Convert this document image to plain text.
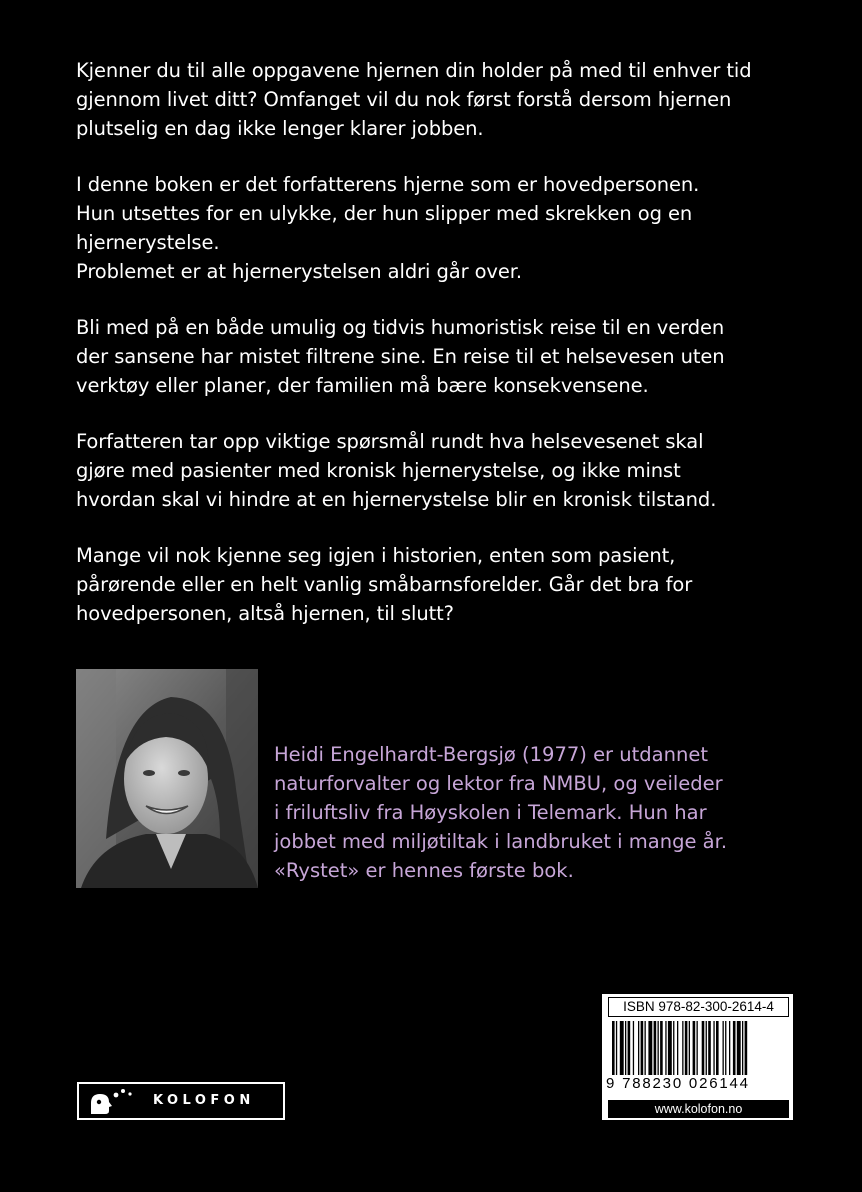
Kjenner du til alle oppgavene hjernen din holder på med til enhver tid
gjennom livet ditt? Omfanget vil du nok først forstå dersom hjernen
plutselig en dag ikke lenger klarer jobben.

I denne boken er det forfatterens hjerne som er hovedpersonen.
Hun utsettes for en ulykke, der hun slipper med skrekken og en
hjernerystelse.
Problemet er at hjernerystelsen aldri går over.

Bli med på en både umulig og tidvis humoristisk reise til en verden
der sansene har mistet filtrene sine. En reise til et helsevesen uten
verktøy eller planer, der familien må bære konsekvensene.

Forfatteren tar opp viktige spørsmål rundt hva helsevesenet skal
gjøre med pasienter med kronisk hjernerystelse, og ikke minst
hvordan skal vi hindre at en hjernerystelse blir en kronisk tilstand.

Mange vil nok kjenne seg igjen i historien, enten som pasient,
pårørende eller en helt vanlig småbarnsforelder. Går det bra for
hovedpersonen, altså hjernen, til slutt?

Heidi Engelhardt-Bergsjø (1977) er utdannet
naturforvalter og lektor fra NMBU, og veileder
i friluftsliv fra Høyskolen i Telemark. Hun har
jobbet med miljøtiltak i landbruket i mange år.
«Rystet» er hennes første bok.
KOLOFON
ISBN 978-82-300-2614-4
9 788230 026144
www.kolofon.no
